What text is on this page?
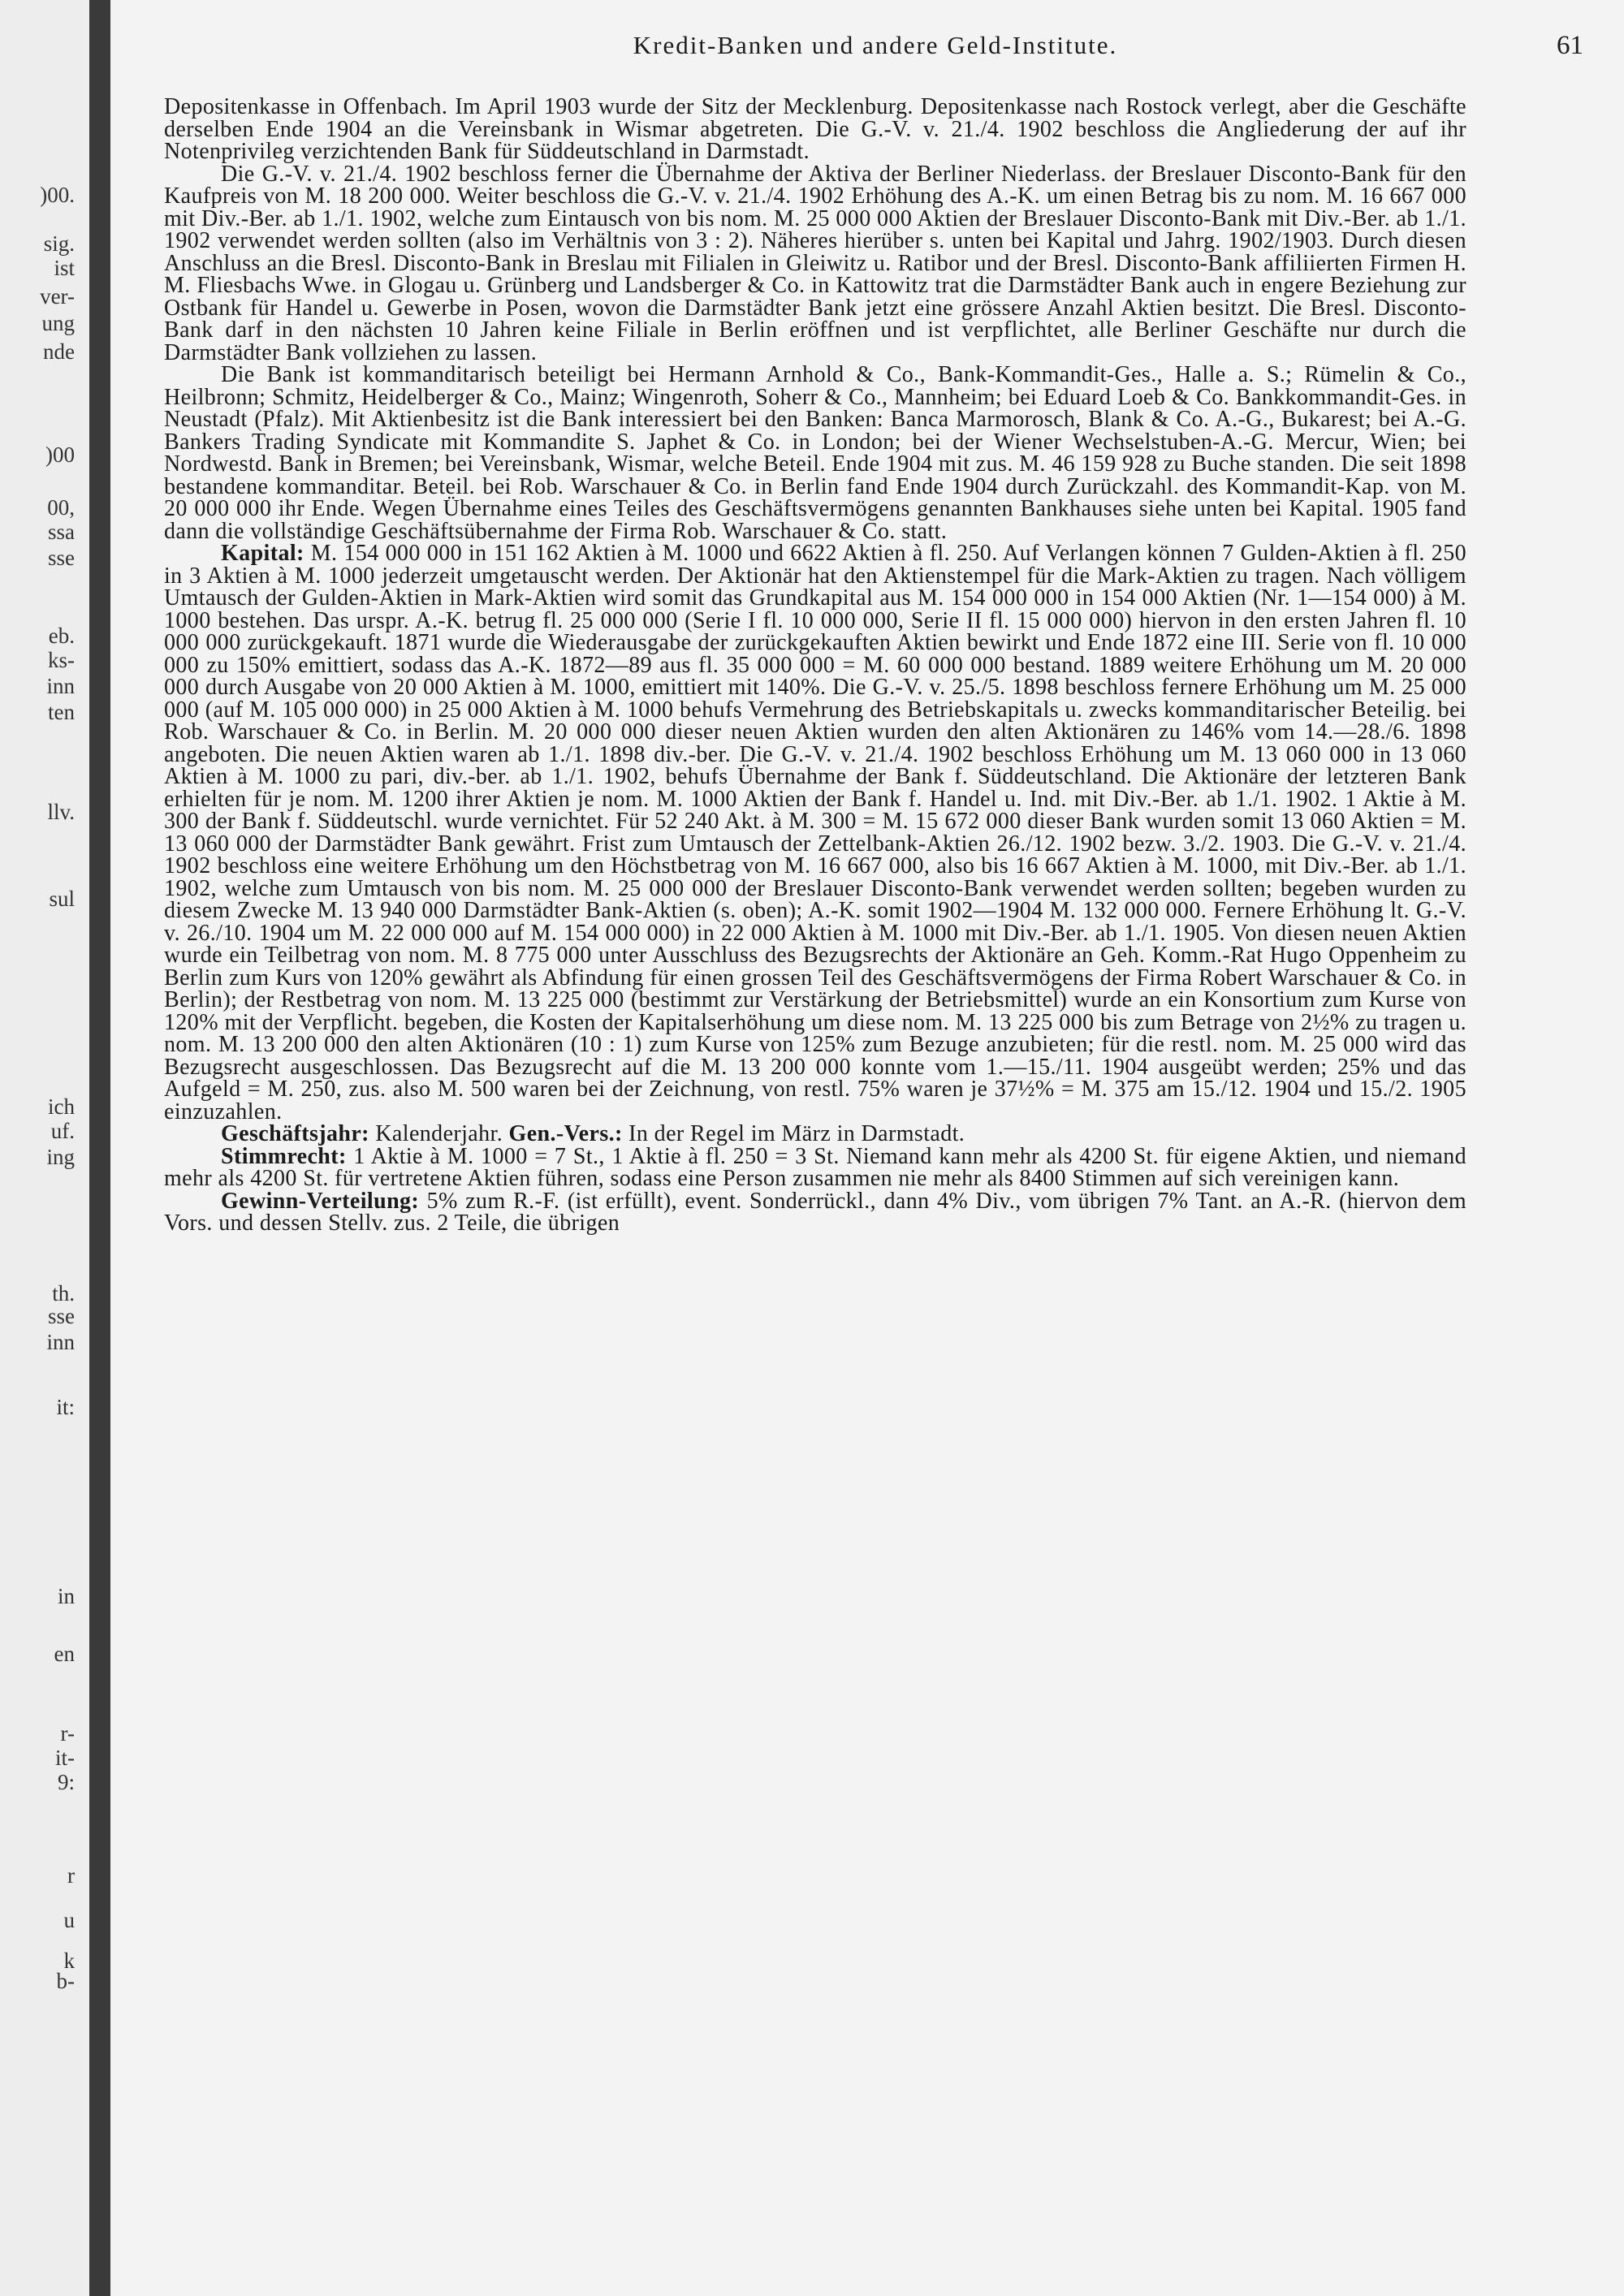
)00.
sig.
ist
ver-
ung
nde
)00
00,
ssa
sse
eb.
ks-
inn
ten
llv.
sul
ich
uf.
ing
th.
sse
inn
it:
in
en
r-
it-
9:
r
u
k
b-
Kredit-Banken und andere Geld-Institute.	61

Depositenkasse in Offenbach. Im April 1903 wurde der Sitz der Mecklenburg. Depositenkasse nach Rostock verlegt, aber die Geschäfte derselben Ende 1904 an die Vereinsbank in Wismar abgetreten. Die G.-V. v. 21./4. 1902 beschloss die Angliederung der auf ihr Notenprivileg verzichtenden Bank für Süddeutschland in Darmstadt.

Die G.-V. v. 21./4. 1902 beschloss ferner die Übernahme der Aktiva der Berliner Niederlass. der Breslauer Disconto-Bank für den Kaufpreis von M. 18 200 000. Weiter beschloss die G.-V. v. 21./4. 1902 Erhöhung des A.-K. um einen Betrag bis zu nom. M. 16 667 000 mit Div.-Ber. ab 1./1. 1902, welche zum Eintausch von bis nom. M. 25 000 000 Aktien der Breslauer Disconto-Bank mit Div.-Ber. ab 1./1. 1902 verwendet werden sollten (also im Verhältnis von 3 : 2). Näheres hierüber s. unten bei Kapital und Jahrg. 1902/1903. Durch diesen Anschluss an die Bresl. Disconto-Bank in Breslau mit Filialen in Gleiwitz u. Ratibor und der Bresl. Disconto-Bank affiliierten Firmen H. M. Fliesbachs Wwe. in Glogau u. Grünberg und Landsberger & Co. in Kattowitz trat die Darmstädter Bank auch in engere Beziehung zur Ostbank für Handel u. Gewerbe in Posen, wovon die Darmstädter Bank jetzt eine grössere Anzahl Aktien besitzt. Die Bresl. Disconto-Bank darf in den nächsten 10 Jahren keine Filiale in Berlin eröffnen und ist verpflichtet, alle Berliner Geschäfte nur durch die Darmstädter Bank vollziehen zu lassen.

Die Bank ist kommanditarisch beteiligt bei Hermann Arnhold & Co., Bank-Kommandit-Ges., Halle a. S.; Rümelin & Co., Heilbronn; Schmitz, Heidelberger & Co., Mainz; Wingenroth, Soherr & Co., Mannheim; bei Eduard Loeb & Co. Bankkommandit-Ges. in Neustadt (Pfalz). Mit Aktienbesitz ist die Bank interessiert bei den Banken: Banca Marmorosch, Blank & Co. A.-G., Bukarest; bei A.-G. Bankers Trading Syndicate mit Kommandite S. Japhet & Co. in London; bei der Wiener Wechselstuben-A.-G. Mercur, Wien; bei Nordwestd. Bank in Bremen; bei Vereinsbank, Wismar, welche Beteil. Ende 1904 mit zus. M. 46 159 928 zu Buche standen. Die seit 1898 bestandene kommanditar. Beteil. bei Rob. Warschauer & Co. in Berlin fand Ende 1904 durch Zurückzahl. des Kommandit-Kap. von M. 20 000 000 ihr Ende. Wegen Übernahme eines Teiles des Geschäftsvermögens genannten Bankhauses siehe unten bei Kapital. 1905 fand dann die vollständige Geschäftsübernahme der Firma Rob. Warschauer & Co. statt.

Kapital: M. 154 000 000 in 151 162 Aktien à M. 1000 und 6622 Aktien à fl. 250. Auf Verlangen können 7 Gulden-Aktien à fl. 250 in 3 Aktien à M. 1000 jederzeit umgetauscht werden. Der Aktionär hat den Aktienstempel für die Mark-Aktien zu tragen. Nach völligem Umtausch der Gulden-Aktien in Mark-Aktien wird somit das Grundkapital aus M. 154 000 000 in 154 000 Aktien (Nr. 1—154 000) à M. 1000 bestehen. Das urspr. A.-K. betrug fl. 25 000 000 (Serie I fl. 10 000 000, Serie II fl. 15 000 000) hiervon in den ersten Jahren fl. 10 000 000 zurückgekauft. 1871 wurde die Wiederausgabe der zurückgekauften Aktien bewirkt und Ende 1872 eine III. Serie von fl. 10 000 000 zu 150% emittiert, sodass das A.-K. 1872—89 aus fl. 35 000 000 = M. 60 000 000 bestand. 1889 weitere Erhöhung um M. 20 000 000 durch Ausgabe von 20 000 Aktien à M. 1000, emittiert mit 140%. Die G.-V. v. 25./5. 1898 beschloss fernere Erhöhung um M. 25 000 000 (auf M. 105 000 000) in 25 000 Aktien à M. 1000 behufs Vermehrung des Betriebskapitals u. zwecks kommanditarischer Beteilig. bei Rob. Warschauer & Co. in Berlin. M. 20 000 000 dieser neuen Aktien wurden den alten Aktionären zu 146% vom 14.—28./6. 1898 angeboten. Die neuen Aktien waren ab 1./1. 1898 div.-ber. Die G.-V. v. 21./4. 1902 beschloss Erhöhung um M. 13 060 000 in 13 060 Aktien à M. 1000 zu pari, div.-ber. ab 1./1. 1902, behufs Übernahme der Bank f. Süddeutschland. Die Aktionäre der letzteren Bank erhielten für je nom. M. 1200 ihrer Aktien je nom. M. 1000 Aktien der Bank f. Handel u. Ind. mit Div.-Ber. ab 1./1. 1902. 1 Aktie à M. 300 der Bank f. Süddeutschl. wurde vernichtet. Für 52 240 Akt. à M. 300 = M. 15 672 000 dieser Bank wurden somit 13 060 Aktien = M. 13 060 000 der Darmstädter Bank gewährt. Frist zum Umtausch der Zettelbank-Aktien 26./12. 1902 bezw. 3./2. 1903. Die G.-V. v. 21./4. 1902 beschloss eine weitere Erhöhung um den Höchstbetrag von M. 16 667 000, also bis 16 667 Aktien à M. 1000, mit Div.-Ber. ab 1./1. 1902, welche zum Umtausch von bis nom. M. 25 000 000 der Breslauer Disconto-Bank verwendet werden sollten; begeben wurden zu diesem Zwecke M. 13 940 000 Darmstädter Bank-Aktien (s. oben); A.-K. somit 1902—1904 M. 132 000 000. Fernere Erhöhung lt. G.-V. v. 26./10. 1904 um M. 22 000 000 auf M. 154 000 000) in 22 000 Aktien à M. 1000 mit Div.-Ber. ab 1./1. 1905. Von diesen neuen Aktien wurde ein Teilbetrag von nom. M. 8 775 000 unter Ausschluss des Bezugsrechts der Aktionäre an Geh. Komm.-Rat Hugo Oppenheim zu Berlin zum Kurs von 120% gewährt als Abfindung für einen grossen Teil des Geschäftsvermögens der Firma Robert Warschauer & Co. in Berlin); der Restbetrag von nom. M. 13 225 000 (bestimmt zur Verstärkung der Betriebsmittel) wurde an ein Konsortium zum Kurse von 120% mit der Verpflicht. begeben, die Kosten der Kapitalserhöhung um diese nom. M. 13 225 000 bis zum Betrage von 2½% zu tragen u. nom. M. 13 200 000 den alten Aktionären (10 : 1) zum Kurse von 125% zum Bezuge anzubieten; für die restl. nom. M. 25 000 wird das Bezugsrecht ausgeschlossen. Das Bezugsrecht auf die M. 13 200 000 konnte vom 1.—15./11. 1904 ausgeübt werden; 25% und das Aufgeld = M. 250, zus. also M. 500 waren bei der Zeichnung, von restl. 75% waren je 37½% = M. 375 am 15./12. 1904 und 15./2. 1905 einzuzahlen.

Geschäftsjahr: Kalenderjahr. Gen.-Vers.: In der Regel im März in Darmstadt.

Stimmrecht: 1 Aktie à M. 1000 = 7 St., 1 Aktie à fl. 250 = 3 St. Niemand kann mehr als 4200 St. für eigene Aktien, und niemand mehr als 4200 St. für vertretene Aktien führen, sodass eine Person zusammen nie mehr als 8400 Stimmen auf sich vereinigen kann.

Gewinn-Verteilung: 5% zum R.-F. (ist erfüllt), event. Sonderrückl., dann 4% Div., vom übrigen 7% Tant. an A.-R. (hiervon dem Vors. und dessen Stellv. zus. 2 Teile, die übrigen
